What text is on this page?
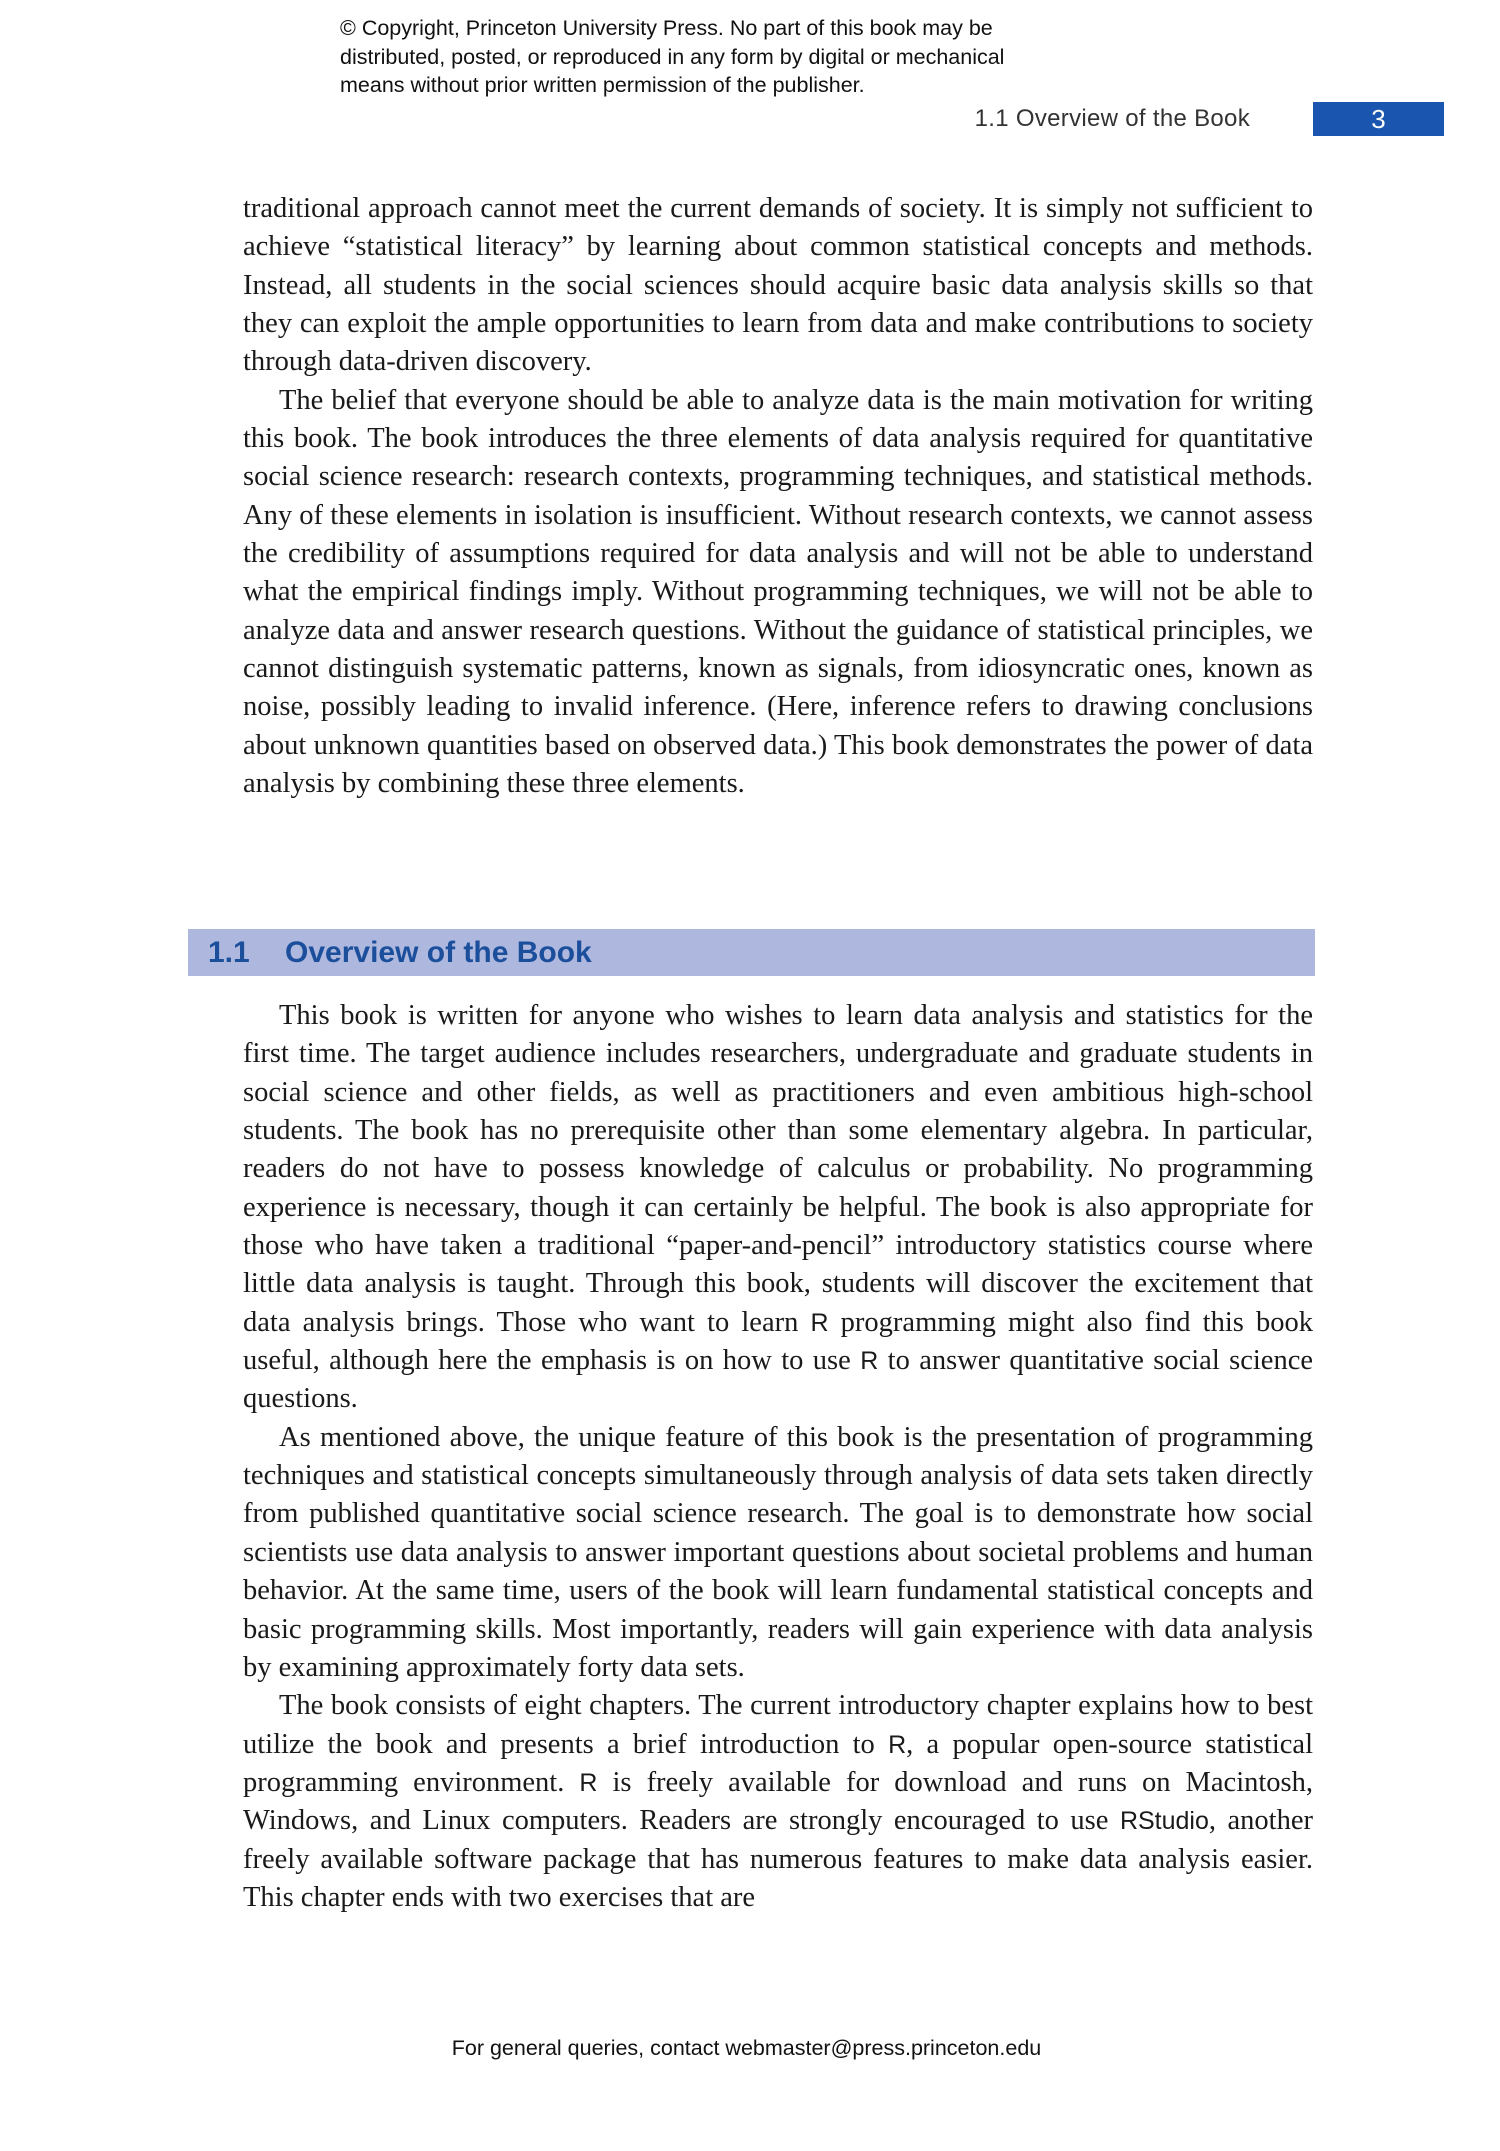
© Copyright, Princeton University Press. No part of this book may be
distributed, posted, or reproduced in any form by digital or mechanical
means without prior written permission of the publisher.
1.1 Overview of the Book	3

traditional approach cannot meet the current demands of society. It is simply not sufficient to achieve “statistical literacy” by learning about common statistical concepts and methods. Instead, all students in the social sciences should acquire basic data analysis skills so that they can exploit the ample opportunities to learn from data and make contributions to society through data-driven discovery.

The belief that everyone should be able to analyze data is the main motivation for writing this book. The book introduces the three elements of data analysis required for quantitative social science research: research contexts, programming techniques, and statistical methods. Any of these elements in isolation is insufficient. Without research contexts, we cannot assess the credibility of assumptions required for data analysis and will not be able to understand what the empirical findings imply. Without programming techniques, we will not be able to analyze data and answer research questions. Without the guidance of statistical principles, we cannot distinguish systematic patterns, known as signals, from idiosyncratic ones, known as noise, possibly leading to invalid inference. (Here, inference refers to drawing conclusions about unknown quantities based on observed data.) This book demonstrates the power of data analysis by combining these three elements.

1.1 Overview of the Book

This book is written for anyone who wishes to learn data analysis and statistics for the first time. The target audience includes researchers, undergraduate and graduate students in social science and other fields, as well as practitioners and even ambitious high-school students. The book has no prerequisite other than some elementary algebra. In particular, readers do not have to possess knowledge of calculus or probability. No programming experience is necessary, though it can certainly be helpful. The book is also appropriate for those who have taken a traditional “paper-and-pencil” introductory statistics course where little data analysis is taught. Through this book, students will discover the excitement that data analysis brings. Those who want to learn R programming might also find this book useful, although here the emphasis is on how to use R to answer quantitative social science questions.

As mentioned above, the unique feature of this book is the presentation of programming techniques and statistical concepts simultaneously through analysis of data sets taken directly from published quantitative social science research. The goal is to demonstrate how social scientists use data analysis to answer important questions about societal problems and human behavior. At the same time, users of the book will learn fundamental statistical concepts and basic programming skills. Most importantly, readers will gain experience with data analysis by examining approximately forty data sets.

The book consists of eight chapters. The current introductory chapter explains how to best utilize the book and presents a brief introduction to R, a popular open-source statistical programming environment. R is freely available for download and runs on Macintosh, Windows, and Linux computers. Readers are strongly encouraged to use RStudio, another freely available software package that has numerous features to make data analysis easier. This chapter ends with two exercises that are

For general queries, contact webmaster@press.princeton.edu
